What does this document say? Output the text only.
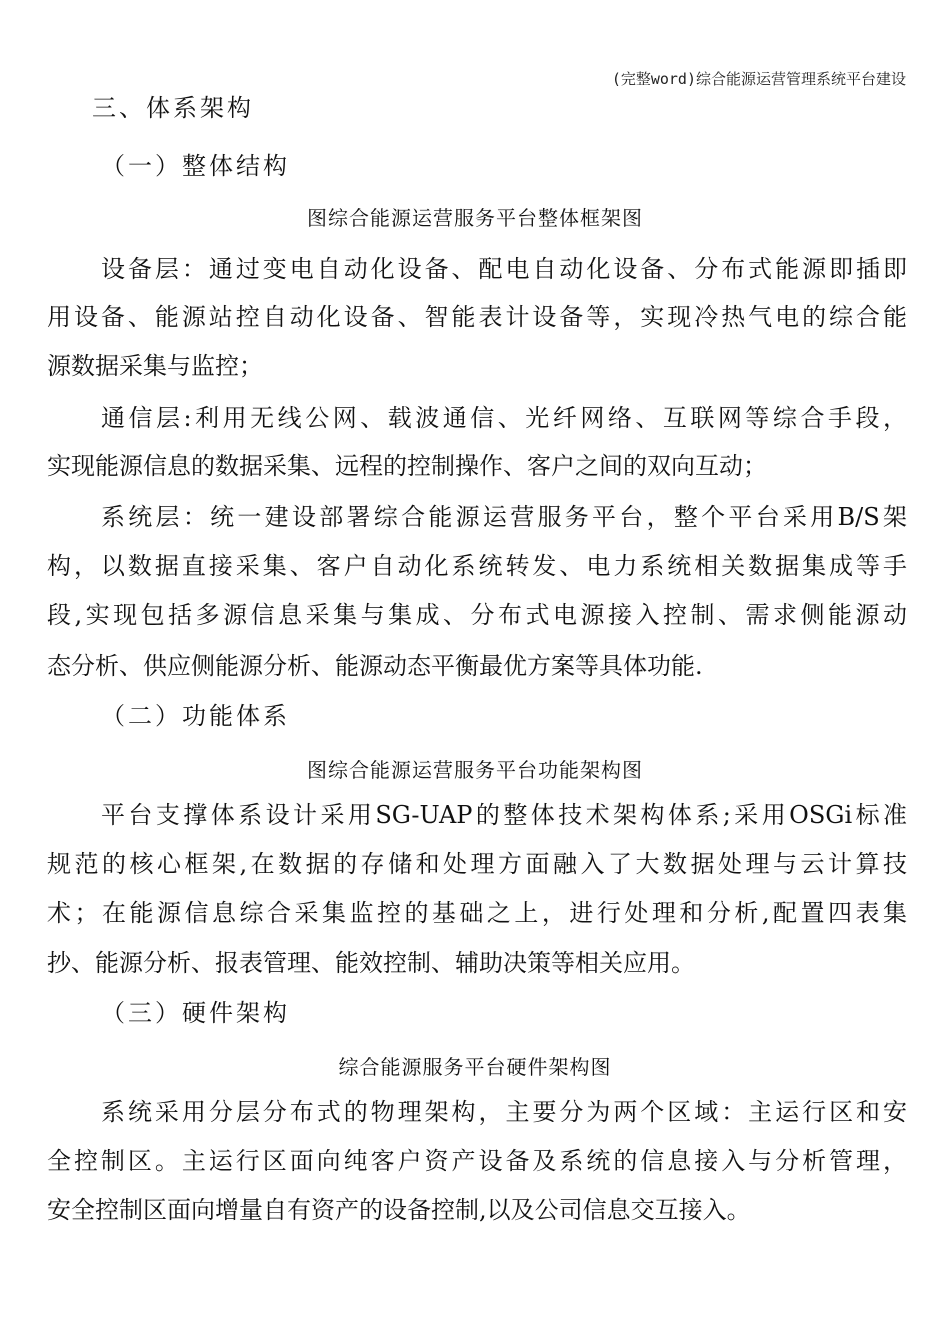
(完整word)综合能源运营管理系统平台建设
三、体系架构
（一）整体结构
图综合能源运营服务平台整体框架图
设备层：通过变电自动化设备、配电自动化设备、分布式能源即插即
用设备、能源站控自动化设备、智能表计设备等，实现冷热气电的综合能
源数据采集与监控；
通信层:利用无线公网、载波通信、光纤网络、互联网等综合手段，
实现能源信息的数据采集、远程的控制操作、客户之间的双向互动；
系统层：统一建设部署综合能源运营服务平台，整个平台采用B/S架
构，以数据直接采集、客户自动化系统转发、电力系统相关数据集成等手
段,实现包括多源信息采集与集成、分布式电源接入控制、需求侧能源动
态分析、供应侧能源分析、能源动态平衡最优方案等具体功能.
（二）功能体系
图综合能源运营服务平台功能架构图
平台支撑体系设计采用SG-UAP的整体技术架构体系;采用OSGi标准
规范的核心框架,在数据的存储和处理方面融入了大数据处理与云计算技
术；在能源信息综合采集监控的基础之上，进行处理和分析,配置四表集
抄、能源分析、报表管理、能效控制、辅助决策等相关应用。
（三）硬件架构
综合能源服务平台硬件架构图
系统采用分层分布式的物理架构，主要分为两个区域：主运行区和安
全控制区。主运行区面向纯客户资产设备及系统的信息接入与分析管理，
安全控制区面向增量自有资产的设备控制,以及公司信息交互接入。
